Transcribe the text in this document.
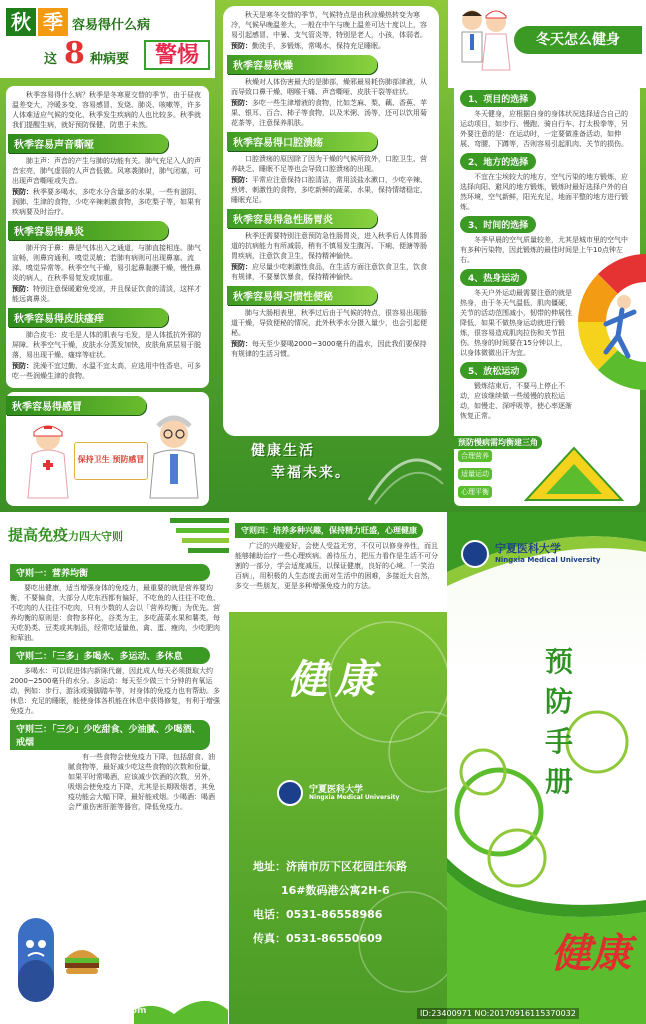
秋 季 容易得什么病
这 8 种病要	警惕

秋季容易得什么病？秋季是冬寒夏交替的季节，由于昼夜温差变大，冷暖多变，容易感冒、发烧、肺炎、咳嗽等，许多人体难适应气候的变化，秋季发生疾病的人也比较多。秋季就我们提醒生病，就好预防保健，防患于未然。

秋季容易声音嘶哑

肺主声：声音的产生与肺的功能有关。肺气充足入人的声音宏亮，肺气虚弱的人声音低微。风寒袭肺时，肺气闭塞，可出现声音嘶哑或失音。

预防：秋季要多喝水，多吃水分含量多的水果，一些有滋阴、润肺、生津的食物，少吃辛辣刺激食物，多吃梨子等，如果有疾病要及时治疗。

秋季容易得鼻炎

肺开窍于鼻：鼻是气体出入之通道，与肺直接相连。肺气宣畅，则鼻窍通利，嗅觉灵敏；若肺有病则可出现鼻塞、流涕、嗅觉异常等。秋季空气干燥，易引起鼻黏膜干燥，慢性鼻炎的病人，在秋季易复发或加重。

预防：特别注意保暖避免受凉，并且保证饮食的清淡，这样才能远离鼻炎。

秋季容易得皮肤瘙痒

肺合皮毛：皮毛是人体的肌表与毛发，是人体抵抗外邪的屏障。秋季空气干燥，皮肤水分蒸发加快，皮肤角质层易于脱落，易出现干燥、瘙痒等症状。

预防：洗澡不宜过勤，水温不宜太高，应选用中性香皂，可多吃一些润燥生津的食物。

秋季容易得感冒
保持卫生 预防感冒

秋天是寒冬交替的季节，气候特点是由秋凉燥热转变为寒冷，气候早晚温差大，一般在中午与晚上温差可达十度以上，容易引起感冒、中暑、支气管炎等，特别是老人，小孩，体弱者。

预防：勤洗手，多锻炼，常喝水，保持充足睡眠。

秋季容易秋燥

秋燥对人体伤害最大的是肺部，燥邪最易耗伤肺部津液，从而导致口鼻干燥、咽喉干痛、声音嘶哑、皮肤干裂等症状。

预防：多吃一些生津增液的食物，比如芝麻、梨、藕、香蕉、苹果、银耳、百合、柿子等食物，以及米粥、汤等，还可以饮用菊花茶等，注意保养肌肤。

秋季容易得口腔溃疡

口腔溃疡的原因除了因为干燥的气候所致外，口腔卫生、营养缺乏、睡眠不足等也会导致口腔溃疡的出现。

预防：平常应注意保持口腔清洁，常用淡盐水漱口，少吃辛辣、煎烤、刺激性的食物，多吃新鲜的蔬菜、水果，保持情绪稳定，睡眠充足。

秋季容易得急性肠胃炎

秋季还需要特别注意预防急性肠胃炎，进入秋季后人体胃肠道的抗病能力有所减弱，稍有不慎易发生腹泻、下痢、便溏等肠胃疾病，注意饮食卫生，保持精神愉快。

预防：应尽量少吃刺激性食品，在生活方面注意饮食卫生，饮食有规律，不要暴饮暴食，保持精神愉快。

秋季容易得习惯性便秘

肺与大肠相表里，秋季过后由于气候的特点，很容易出现肠道干燥，导致便秘的情况，此外秋季水分摄入量少，也会引起便秘。

预防：每天至少要喝2000~3000毫升的温水，因此我们要保持有规律的生活习惯。

健康生活
幸福未来。
冬天怎么健身
1、项目的选择

冬天健身，应根据自身的身体状况选择适合自己的运动项目，如步行、慢跑、骑自行车、打太极拳等，另外要注意的是：在运动时，一定要做准备活动，如伸展、弯腰、下蹲等，否则容易引起肌肉、关节的损伤。

2、地方的选择

不宜在尘埃较大的地方，空气污染的地方锻炼，应选择向阳、避风的地方锻炼，锻炼时最好选择户外的自然环境，空气新鲜，阳光充足，地面平整的地方进行锻炼。

3、时间的选择

冬季早晨的空气质量较差，尤其是城市里的空气中有多种污染物，因此锻炼的最佳时间是上午10点钟左右。

4、热身运动

冬天户外运动最需要注意的就是热身，由于冬天气温低，肌肉僵硬，关节的活动范围减小，韧带的伸展性降低，如果不做热身运动就进行锻炼，很容易造成肌肉拉伤和关节扭伤。热身的时间要在15分钟以上，以身体微微出汗为宜。

5、放松运动

锻炼结束后，不要马上停止不动，应该继续做一些缓慢的放松运动，如慢走、深呼吸等，使心率逐渐恢复正常。

预防慢病需均衡建三角
合理营养
适量运动
心理平衡
提高免疫力四大守则
守则一：营养均衡

要吃出健康，适当增强身体的免疫力，最重要的就是营养要均衡，不要偏食，大部分人吃东西都有偏好，不吃鱼的人往往不吃鱼、不吃肉的人往往不吃肉，只有少数的人会以「营养均衡」为优先。营养均衡的原则是：食物多样化，谷类为主，多吃蔬菜水果和薯类，每天吃奶类、豆类或其制品，经常吃适量鱼、禽、蛋、瘦肉，少吃肥肉和荤油。

守则二：「三多」多喝水、多运动、多休息

多喝水：可以促进体内新陈代谢，因此成人每天必须摄取大约2000~2500毫升的水分。多运动：每天至少做三十分钟的有氧运动，例如：步行、游泳或骑脚踏车等，对身体的免疫力也有帮助。多休息：充足的睡眠，能使身体各机能在休息中获得修复，有利于增强免疫力。

守则三：「三少」少吃甜食、少油腻、少喝酒、戒烟

有一些食物会使免疫力下降，包括甜食、油腻食物等，最好减少吃这些食物的次数和份量，如果平时常喝酒，应该减少饮酒的次数，另外，吸烟会使免疫力下降，尤其是长期吸烟者，其免疫功能会大幅下降，最好能戒烟。少喝酒：喝酒会严重伤害肝脏等器官，降低免疫力。

昵享网 www.nipic.com
守则四：培养多种兴趣，保持精力旺盛，心理健康

广泛的兴趣爱好，会使人受益无穷，不仅可以修身养性，而且能够辅助治疗一些心理疾病。善待压力，把压力看作是生活不可分割的一部分，学会适度减压，以保证健康，良好的心境。「一笑治百病」，用积极的人生态度去面对生活中的困难，多接近大自然，多交一些朋友，更是多种增强免疫力的方法。

健康
宁夏医科大学
Ningxia Medical University
地址：济南市历下区花园庄东路
16#数码港公寓2H-6
电话：0531-86558986
传真：0531-86550609
宁夏医科大学
Ningxia Medical University
预
防
手
册
健康
ID:23400971 NO:20170916115370032
